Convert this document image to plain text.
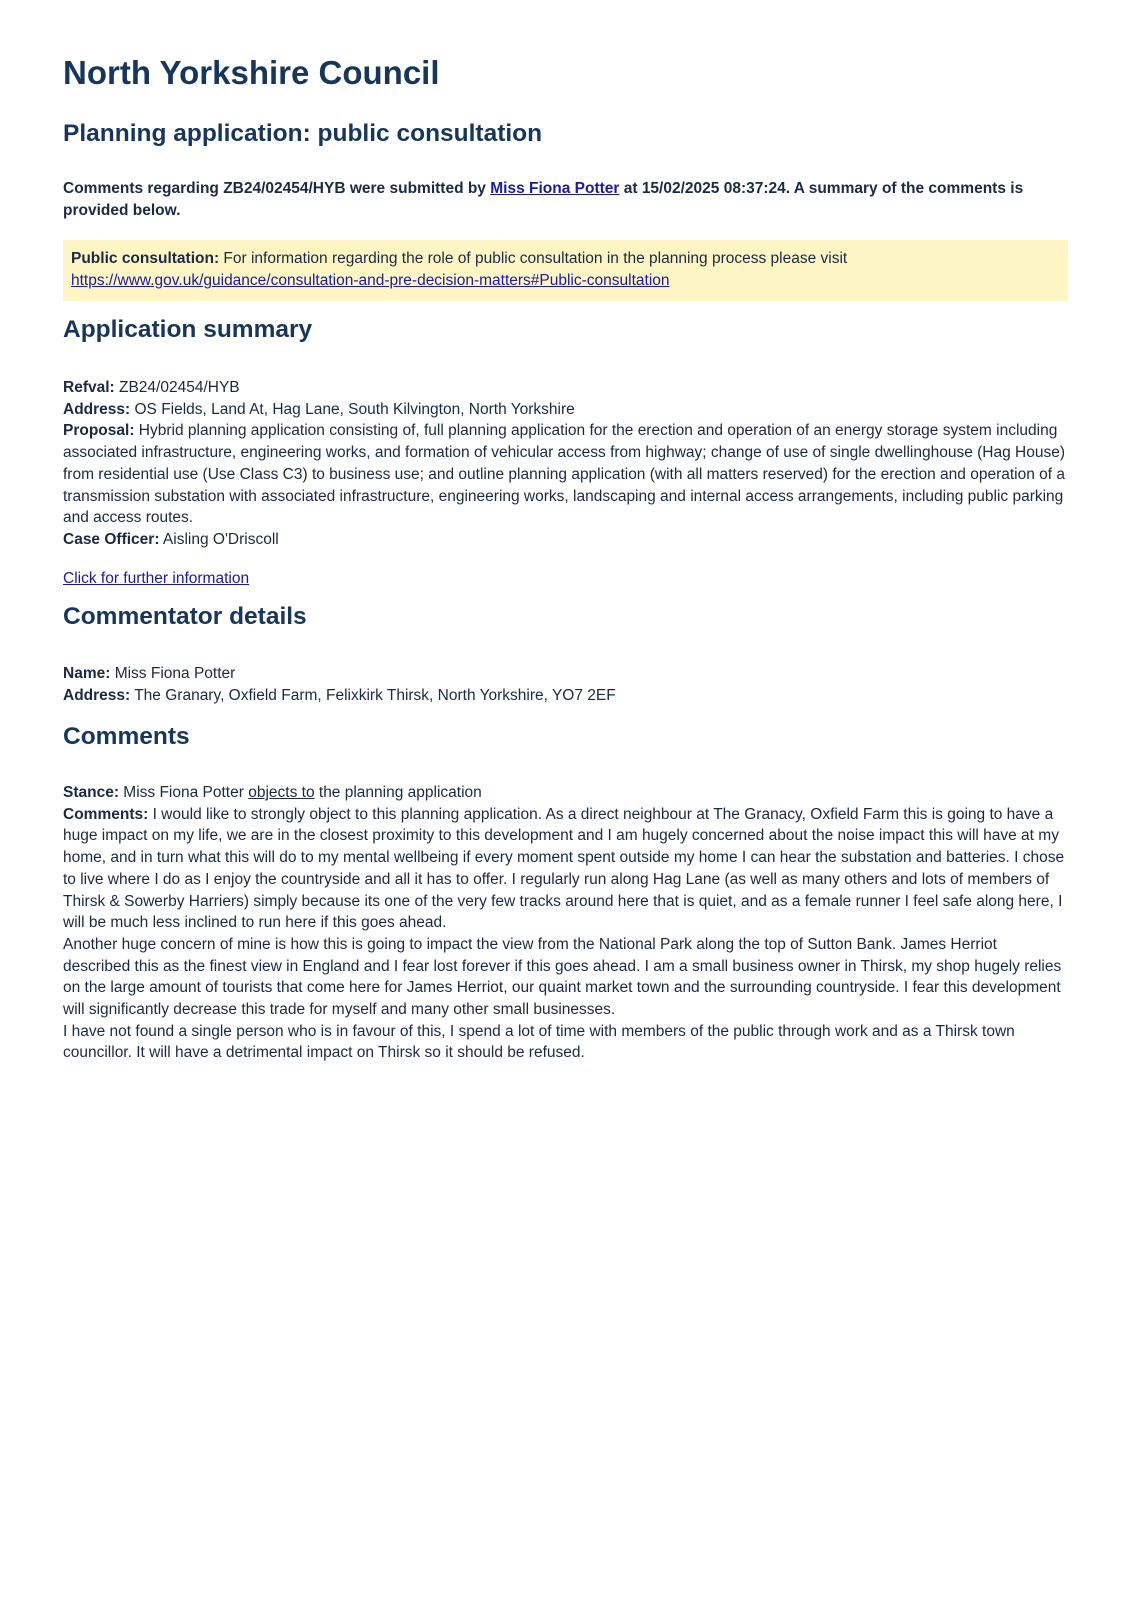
North Yorkshire Council
Planning application: public consultation
Comments regarding ZB24/02454/HYB were submitted by Miss Fiona Potter at 15/02/2025 08:37:24. A summary of the comments is provided below.
Public consultation: For information regarding the role of public consultation in the planning process please visit
https://www.gov.uk/guidance/consultation-and-pre-decision-matters#Public-consultation
Application summary
Refval: ZB24/02454/HYB
Address: OS Fields, Land At, Hag Lane, South Kilvington, North Yorkshire
Proposal: Hybrid planning application consisting of, full planning application for the erection and operation of an energy storage system including associated infrastructure, engineering works, and formation of vehicular access from highway; change of use of single dwellinghouse (Hag House) from residential use (Use Class C3) to business use; and outline planning application (with all matters reserved) for the erection and operation of a transmission substation with associated infrastructure, engineering works, landscaping and internal access arrangements, including public parking and access routes.
Case Officer: Aisling O'Driscoll
Click for further information
Commentator details
Name: Miss Fiona Potter
Address: The Granary, Oxfield Farm, Felixkirk Thirsk, North Yorkshire, YO7 2EF
Comments
Stance: Miss Fiona Potter objects to the planning application
Comments: I would like to strongly object to this planning application. As a direct neighbour at The Granacy, Oxfield Farm this is going to have a huge impact on my life, we are in the closest proximity to this development and I am hugely concerned about the noise impact this will have at my home, and in turn what this will do to my mental wellbeing if every moment spent outside my home I can hear the substation and batteries. I chose to live where I do as I enjoy the countryside and all it has to offer. I regularly run along Hag Lane (as well as many others and lots of members of Thirsk & Sowerby Harriers) simply because its one of the very few tracks around here that is quiet, and as a female runner I feel safe along here, I will be much less inclined to run here if this goes ahead.
Another huge concern of mine is how this is going to impact the view from the National Park along the top of Sutton Bank. James Herriot described this as the finest view in England and I fear lost forever if this goes ahead. I am a small business owner in Thirsk, my shop hugely relies on the large amount of tourists that come here for James Herriot, our quaint market town and the surrounding countryside. I fear this development will significantly decrease this trade for myself and many other small businesses.
I have not found a single person who is in favour of this, I spend a lot of time with members of the public through work and as a Thirsk town councillor. It will have a detrimental impact on Thirsk so it should be refused.
